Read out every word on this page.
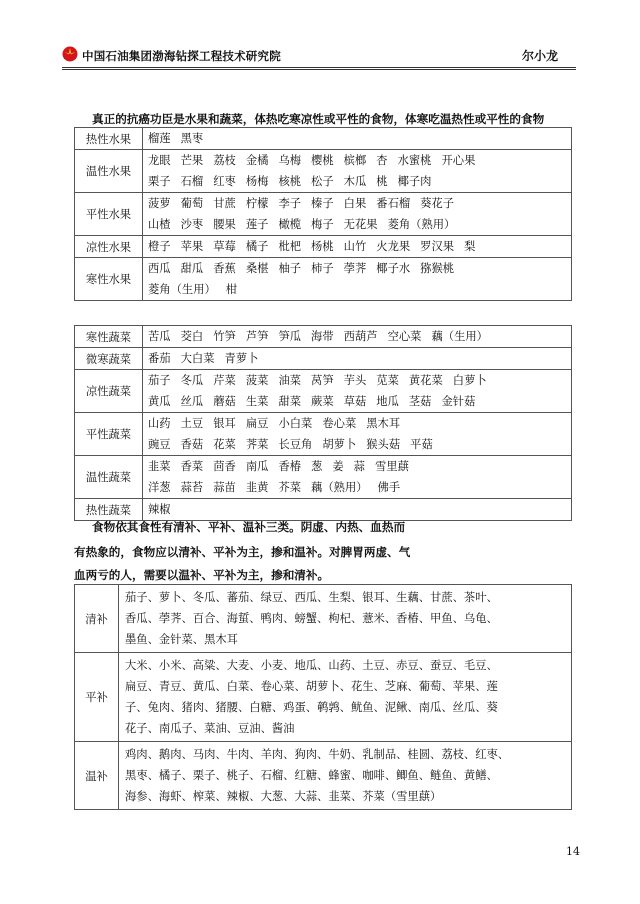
中国石油集团渤海钻探工程技术研究院	尔小龙
真正的抗癌功臣是水果和蔬菜，体热吃寒凉性或平性的食物，体寒吃温热性或平性的食物
热性水果	榴莲 黑枣

温性水果	龙眼 芒果 荔枝 金橘 乌梅 樱桃 槟榔 杏 水蜜桃 开心果
栗子 石榴 红枣 杨梅 核桃 松子 木瓜 桃 椰子肉

平性水果	菠萝 葡萄 甘蔗 柠檬 李子 榛子 白果 番石榴 葵花子
山楂 沙枣 腰果 莲子 橄榄 梅子 无花果 菱角（熟用）

凉性水果	橙子 苹果 草莓 橘子 枇杷 杨桃 山竹 火龙果 罗汉果 梨

寒性水果	西瓜 甜瓜 香蕉 桑椹 柚子 柿子 荸荠 椰子水 猕猴桃
菱角（生用） 柑
寒性蔬菜	苦瓜 茭白 竹笋 芦笋 笋瓜 海带 西葫芦 空心菜 藕（生用）

微寒蔬菜	番茄 大白菜 青萝卜

凉性蔬菜	茄子 冬瓜 芹菜 菠菜 油菜 莴笋 芋头 苋菜 黄花菜 白萝卜
黄瓜 丝瓜 蘑菇 生菜 甜菜 蕨菜 草菇 地瓜 茎菇 金针菇

平性蔬菜	山药 土豆 银耳 扁豆 小白菜 卷心菜 黑木耳
豌豆 香菇 花菜 荠菜 长豆角 胡萝卜 猴头菇 平菇

温性蔬菜	韭菜 香菜 茴香 南瓜 香椿 葱 姜 蒜 雪里蕻
洋葱 蒜苔 蒜苗 韭黄 芥菜 藕（熟用） 佛手

热性蔬菜	辣椒
食物依其食性有清补、平补、温补三类。阴虚、内热、血热而
有热象的，食物应以清补、平补为主，掺和温补。对脾胃两虚、气
血两亏的人，需要以温补、平补为主，掺和清补。
清补	茄子、萝卜、冬瓜、蕃茄、绿豆、西瓜、生梨、银耳、生藕、甘蔗、茶叶、
香瓜、荸荠、百合、海蜇、鸭肉、螃蟹、枸杞、薏米、香椿、甲鱼、乌龟、
墨鱼、金针菜、黑木耳

平补	大米、小米、高粱、大麦、小麦、地瓜、山药、土豆、赤豆、蚕豆、毛豆、
扁豆、青豆、黄瓜、白菜、卷心菜、胡萝卜、花生、芝麻、葡萄、苹果、莲
子、兔肉、猪肉、猪腰、白糖、鸡蛋、鹌鹑、鱿鱼、泥鳅、南瓜、丝瓜、葵
花子、南瓜子、菜油、豆油、酱油

温补	鸡肉、鹅肉、马肉、牛肉、羊肉、狗肉、牛奶、乳制品、桂圆、荔枝、红枣、
黑枣、橘子、栗子、桃子、石榴、红糖、蜂蜜、咖啡、鲫鱼、鲢鱼、黄鳝、
海参、海虾、榨菜、辣椒、大葱、大蒜、韭菜、芥菜（雪里蕻）
14
